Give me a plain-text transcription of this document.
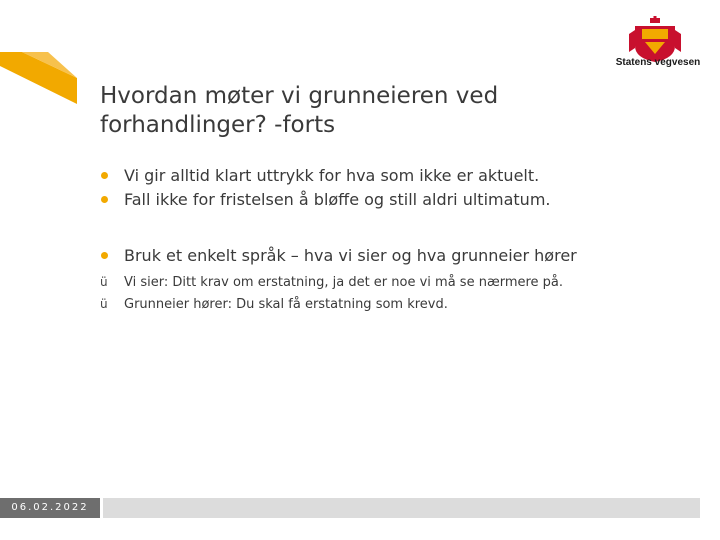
Statens vegvesen
Hvordan møter vi grunneieren ved
forhandlinger? -forts
Vi gir alltid klart uttrykk for hva som ikke er aktuelt.
Fall ikke for fristelsen å bløffe og still aldri ultimatum.
Bruk et enkelt språk – hva vi sier og hva grunneier hører
ü	Vi sier: Ditt krav om erstatning, ja det er noe vi må se nærmere på.
ü	Grunneier hører: Du skal få erstatning som krevd.
06.02.2022
